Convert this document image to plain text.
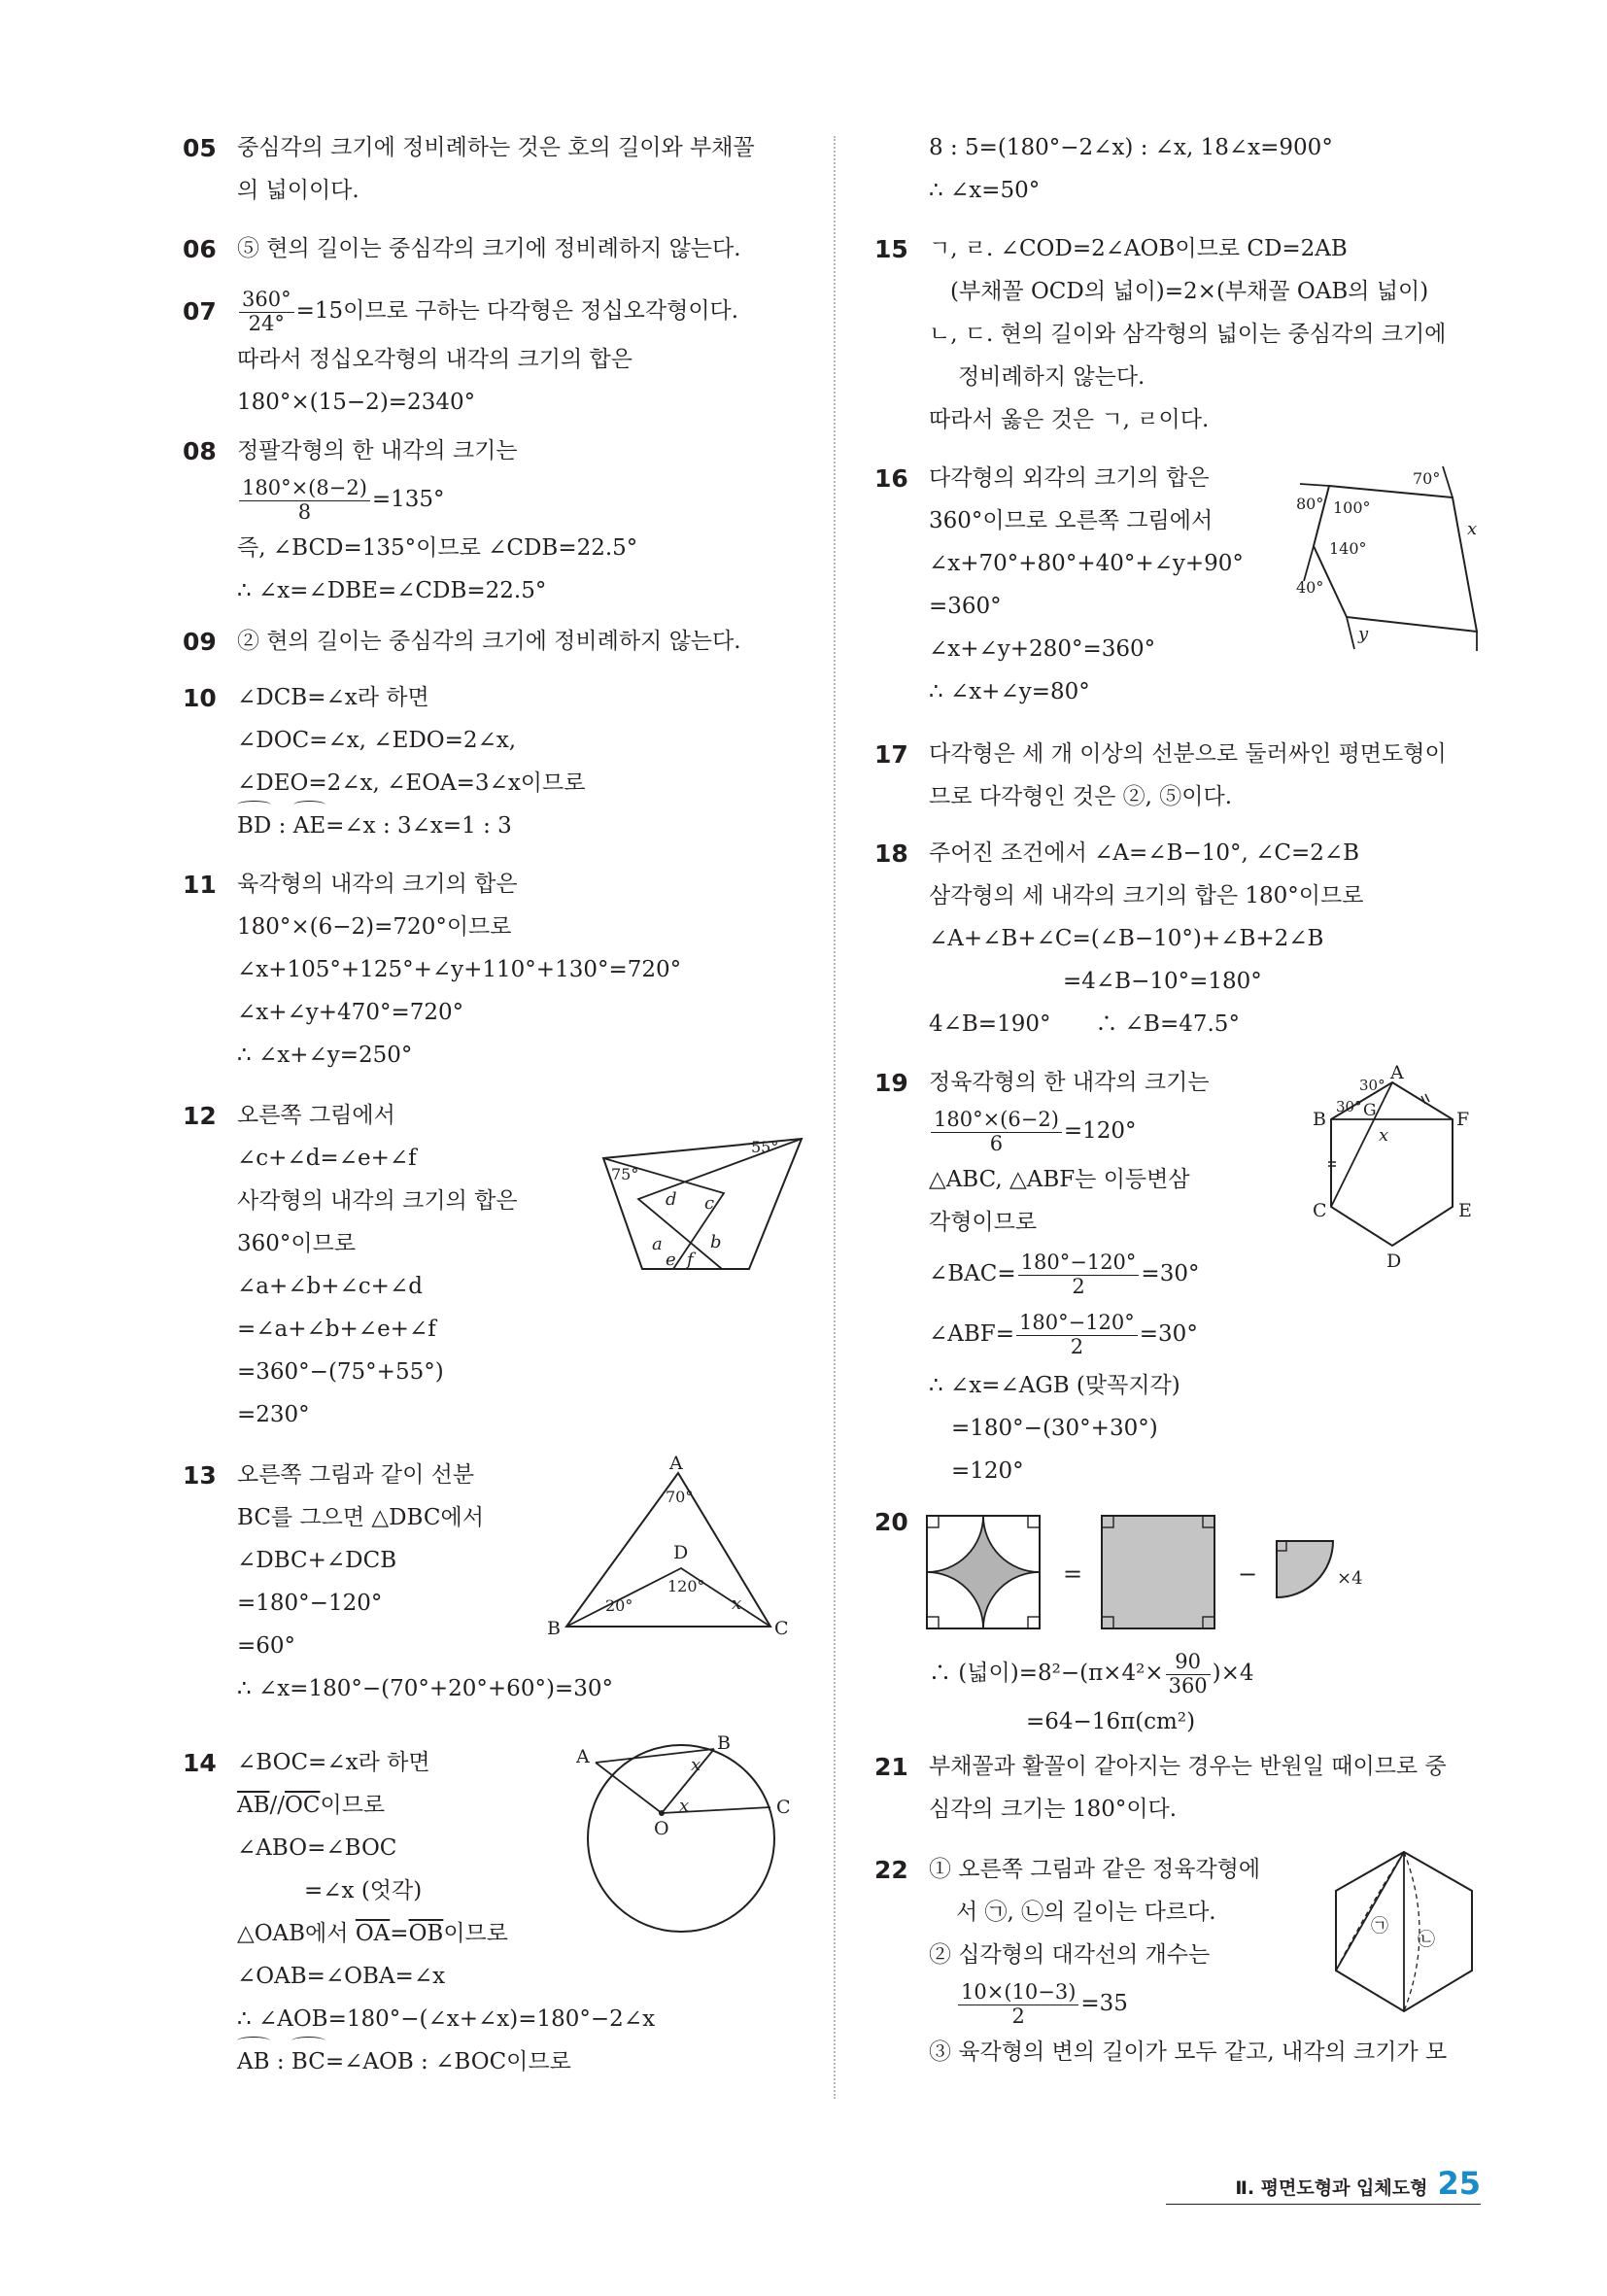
05 중심각의 크기에 정비례하는 것은 호의 길이와 부채꼴
의 넓이이다.
06 ⑤ 현의 길이는 중심각의 크기에 정비례하지 않는다.
$07 \frac{360^\circ}{24^\circ} =15$이므로 구하는 다각형은 정십오각형이다.
따라서 정십오각형의 내각의 크기의 합은
180°×(15−2)=2340°
08 정팔각형의 한 내각의 크기는
$\frac{180^\circ\times(8-2)}{8} =135^\circ$
즉, ∠BCD=135°이므로 ∠CDB=22.5°
∴ ∠x=∠DBE=∠CDB=22.5°
09 ② 현의 길이는 중심각의 크기에 정비례하지 않는다.
10 ∠DCB=∠x라 하면
∠DOC=∠x, ∠EDO=2∠x,
∠DEO=2∠x, ∠EOA=3∠x이므로
BD : AE=∠x : 3∠x=1 : 3
11 육각형의 내각의 크기의 합은
180°×(6−2)=720°이므로
∠x+105°+125°+∠y+110°+130°=720°
∠x+∠y+470°=720°
∴ ∠x+∠y=250°
12 오른쪽 그림에서
∠c+∠d=∠e+∠f
사각형의 내각의 크기의 합은
360°이므로
∠a+∠b+∠c+∠d
=∠a+∠b+∠e+∠f
=360°−(75°+55°)
=230°
55°
75°
d c
a	b
e f
13 오른쪽 그림과 같이 선분
BC를 그으면 △DBC에서
∠DBC+∠DCB
=180°−120°
=60°
∴ ∠x=180°−(70°+20°+60°)=30°
A
70°
D
120°
20°	x
B	C
14 ∠BOC=∠x라 하면
$\overline{AB}//\overline{OC}$이므로
∠ABO=∠BOC
　　　=∠x (엇각)
△OAB에서 $\overline{OA}=\overline{OB}$이므로
∠OAB=∠OBA=∠x
∴ ∠AOB=180°−(∠x+∠x)=180°−2∠x
AB : BC=∠AOB : ∠BOC이므로
A
B
x
x
O
C
8 : 5=(180°−2∠x) : ∠x, 18∠x=900°
∴ ∠x=50°
15 ㄱ, ㄹ. ∠COD=2∠AOB이므로 CD=2AB
(부채꼴 OCD의 넓이)=2×(부채꼴 OAB의 넓이)
ㄴ, ㄷ. 현의 길이와 삼각형의 넓이는 중심각의 크기에
정비례하지 않는다.
따라서 옳은 것은 ㄱ, ㄹ이다.
16 다각형의 외각의 크기의 합은
360°이므로 오른쪽 그림에서
∠x+70°+80°+40°+∠y+90°
=360°
∠x+∠y+280°=360°
∴ ∠x+∠y=80°
70°
80° 100°
x
140°
40°
y
17 다각형은 세 개 이상의 선분으로 둘러싸인 평면도형이
므로 다각형인 것은 ②, ⑤이다.
18 주어진 조건에서 ∠A=∠B−10°, ∠C=2∠B
삼각형의 세 내각의 크기의 합은 180°이므로
∠A+∠B+∠C=(∠B−10°)+∠B+2∠B
　　　　　　=4∠B−10°=180°
4∠B=190°　　∴ ∠B=47.5°
19 정육각형의 한 내각의 크기는
$\frac{180^\circ\times(6-2)}{6} =120^\circ$
△ABC, △ABF는 이등변삼
각형이므로
∠BAC= $\frac{180^\circ-120^\circ}{2} =30^\circ$
∠ABF= $\frac{180^\circ-120^\circ}{2} =30^\circ$
∴ ∠x=∠AGB (맞꼭지각)
　=180°−(30°+30°)
　=120°
30°
A
30° G
B	F
x
C	E
D
20
=	−	×4
∴ (넓이)$=8^2-(\pi\times 4^2\times \frac{90}{360} )\times 4$
=64−16π(cm²)
21 부채꼴과 활꼴이 같아지는 경우는 반원일 때이므로 중
심각의 크기는 180°이다.
22 ① 오른쪽 그림과 같은 정육각형에
서 ㉠, ㉡의 길이는 다르다.
② 십각형의 대각선의 개수는
$\frac{10\times(10-3)}{2} =35$
③ 육각형의 변의 길이가 모두 같고, 내각의 크기가 모
㉠
㉡
Ⅱ. 평면도형과 입체도형 25
